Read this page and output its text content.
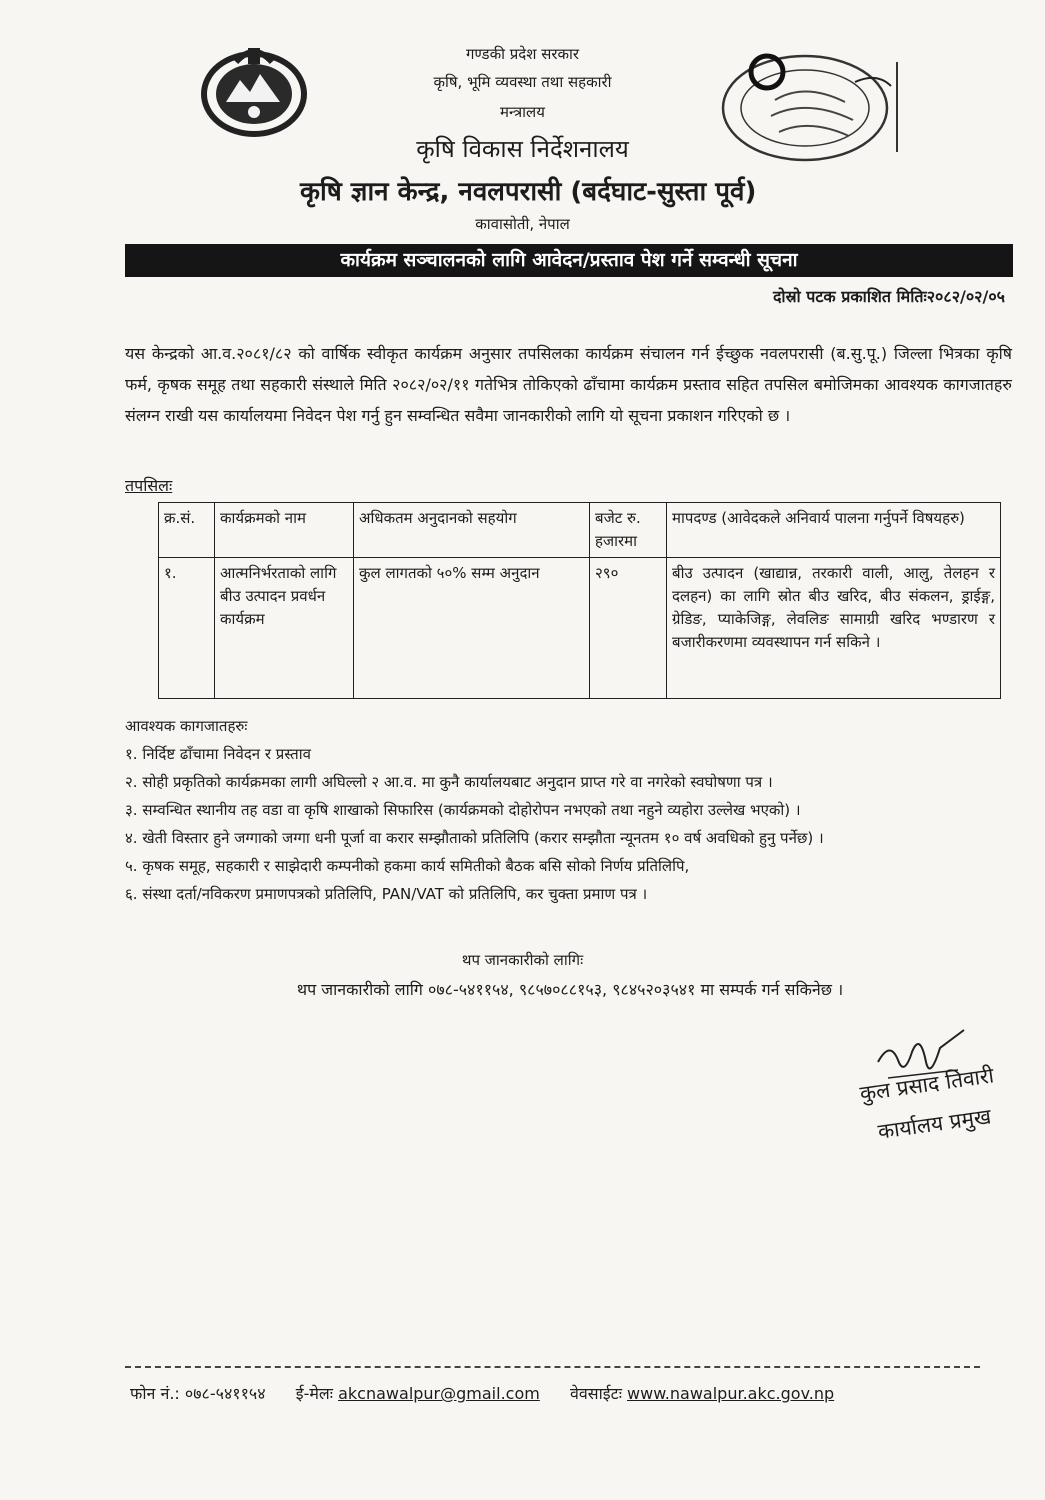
गण्डकी प्रदेश सरकार
कृषि, भूमि व्यवस्था तथा सहकारी
मन्त्रालय
कृषि विकास निर्देशनालय
कृषि ज्ञान केन्द्र, नवलपरासी (बर्दघाट-सुस्ता पूर्व)
कावासोती, नेपाल
कार्यक्रम सञ्चालनको लागि आवेदन/प्रस्ताव पेश गर्ने सम्वन्धी सूचना
दोस्रो पटक प्रकाशित मितिः२०८२/०२/०५
यस केन्द्रको आ.व.२०८१/८२ को वार्षिक स्वीकृत कार्यक्रम अनुसार तपसिलका कार्यक्रम संचालन गर्न ईच्छुक नवलपरासी (ब.सु.पू.) जिल्ला भित्रका कृषि फर्म, कृषक समूह तथा सहकारी संस्थाले मिति २०८२/०२/११ गतेभित्र तोकिएको ढाँचामा कार्यक्रम प्रस्ताव सहित तपसिल बमोजिमका आवश्यक कागजातहरु संलग्न राखी यस कार्यालयमा निवेदन पेश गर्नु हुन सम्वन्धित सवैमा जानकारीको लागि यो सूचना प्रकाशन गरिएको छ ।
तपसिलः
क्र.सं.	कार्यक्रमको नाम	अधिकतम अनुदानको सहयोग	बजेट रु. हजारमा	मापदण्ड (आवेदकले अनिवार्य पालना गर्नुपर्ने विषयहरु)
१.	आत्मनिर्भरताको लागि बीउ उत्पादन प्रवर्धन कार्यक्रम	कुल लागतको ५०% सम्म अनुदान	२९०	बीउ उत्पादन (खाद्यान्न, तरकारी वाली, आलु, तेलहन र दलहन) का लागि स्रोत बीउ खरिद, बीउ संकलन, ड्राईङ्ग, ग्रेडिङ, प्याकेजिङ्ग, लेवलिङ सामाग्री खरिद भण्डारण र बजारीकरणमा व्यवस्थापन गर्न सकिने ।
आवश्यक कागजातहरुः
१. निर्दिष्ट ढाँचामा निवेदन र प्रस्ताव
२. सोही प्रकृतिको कार्यक्रमका लागी अघिल्लो २ आ.व. मा कुनै कार्यालयबाट अनुदान प्राप्त गरे वा नगरेको स्वघोषणा पत्र ।
३. सम्वन्धित स्थानीय तह वडा वा कृषि शाखाको सिफारिस (कार्यक्रमको दोहोरोपन नभएको तथा नहुने व्यहोरा उल्लेख भएको) ।
४. खेती विस्तार हुने जग्गाको जग्गा धनी पूर्जा वा करार सम्झौताको प्रतिलिपि (करार सम्झौता न्यूनतम १० वर्ष अवधिको हुनु पर्नेछ) ।
५. कृषक समूह, सहकारी र साझेदारी कम्पनीको हकमा कार्य समितीको बैठक बसि सोको निर्णय प्रतिलिपि,
६. संस्था दर्ता/नविकरण प्रमाणपत्रको प्रतिलिपि, PAN/VAT को प्रतिलिपि, कर चुक्ता प्रमाण पत्र ।
थप जानकारीको लागिः
थप जानकारीको लागि ०७८-५४११५४, ९८५७०८८१५३, ९८४५२०३५४१ मा सम्पर्क गर्न सकिनेछ ।
कुल प्रसाद तिवारी
कार्यालय प्रमुख
फोन नं.: ०७८-५४११५४ ई-मेलः akcnawalpur@gmail.com वेवसाईटः www.nawalpur.akc.gov.np
